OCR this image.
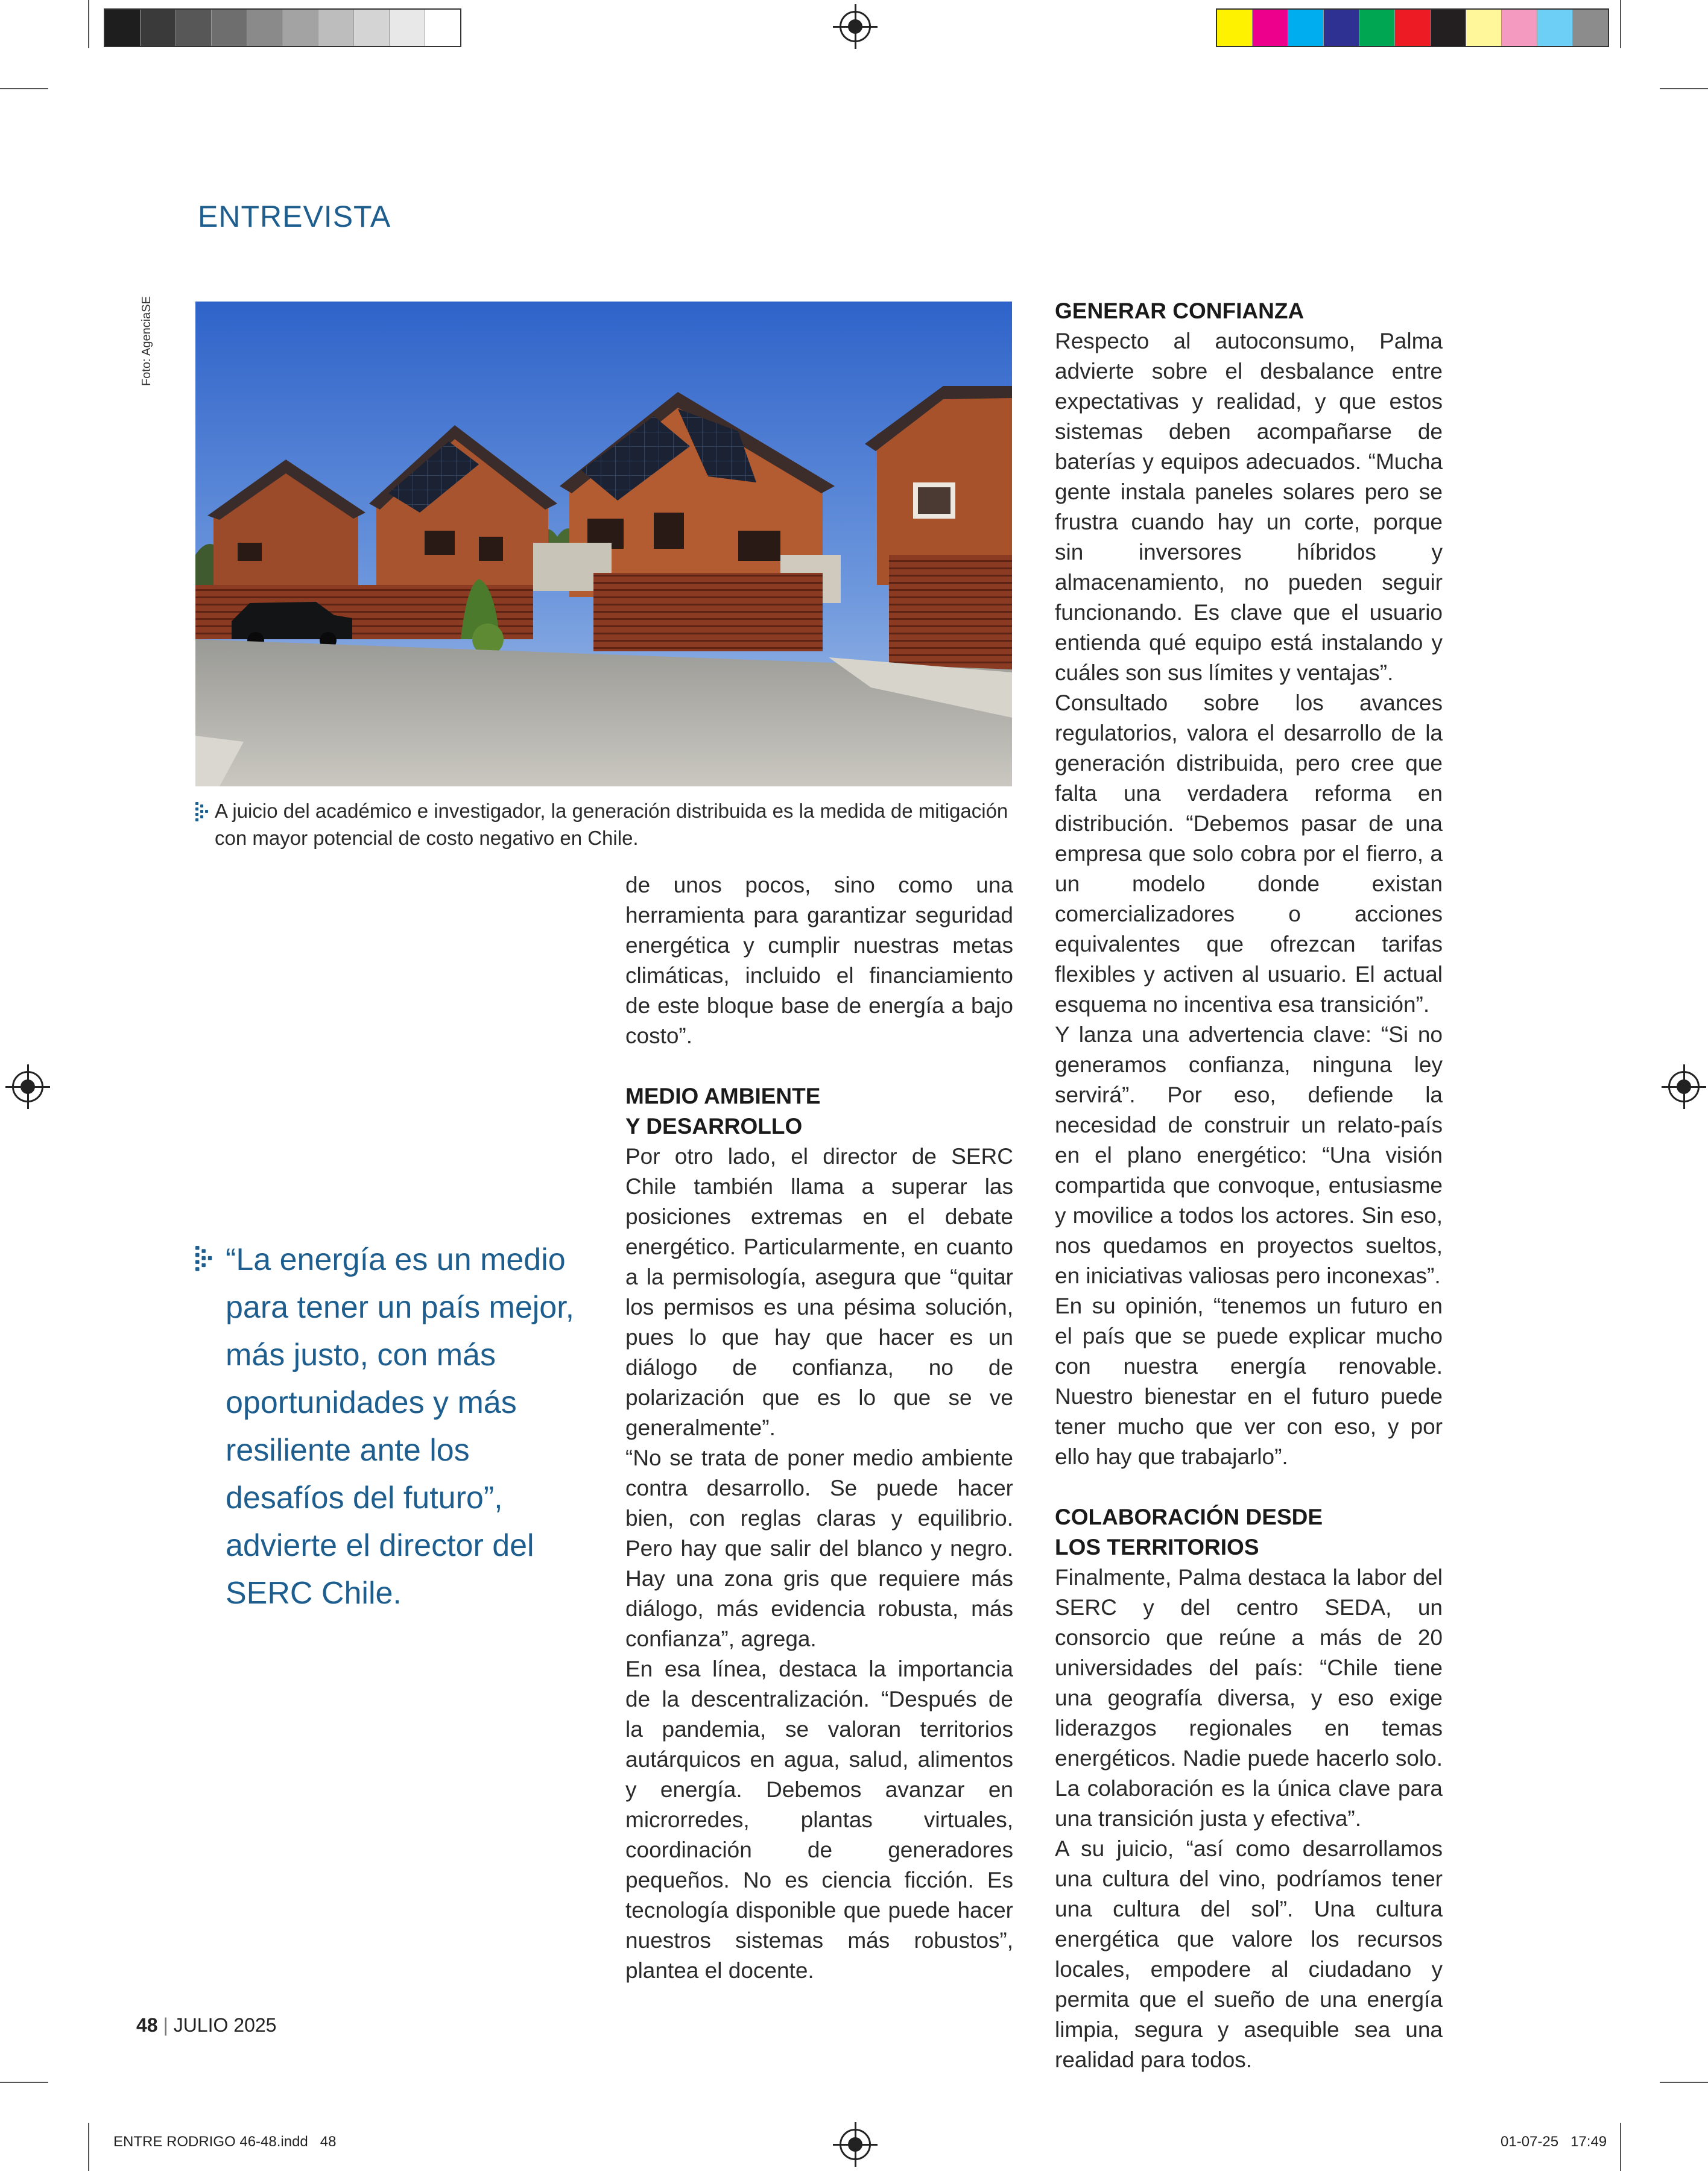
ENTREVISTA
Foto: AgenciaSE
A juicio del académico e investigador, la generación distribuida es la medida de mitigación con mayor potencial de costo negativo en Chile.
“La energía es un medio para tener un país mejor, más justo, con más oportunidades y más resiliente ante los desafíos del futuro”, advierte el director del SERC Chile.

de unos pocos, sino como una herramienta para garantizar seguridad energética y cumplir nuestras metas climáticas, incluido el financiamiento de este bloque base de energía a bajo costo”.

MEDIO AMBIENTE
Y DESARROLLO

Por otro lado, el director de SERC Chile también llama a superar las posiciones extremas en el debate energético. Particularmente, en cuanto a la permisología, asegura que “quitar los permisos es una pésima solución, pues lo que hay que hacer es un diálogo de confianza, no de polarización que es lo que se ve generalmente”.

“No se trata de poner medio ambiente contra desarrollo. Se puede hacer bien, con reglas claras y equilibrio. Pero hay que salir del blanco y negro. Hay una zona gris que requiere más diálogo, más evidencia robusta, más confianza”, agrega.

En esa línea, destaca la importancia de la descentralización. “Después de la pandemia, se valoran territorios autárquicos en agua, salud, alimentos y energía. Debemos avanzar en microrredes, plantas virtuales, coordinación de generadores pequeños. No es ciencia ficción. Es tecnología disponible que puede hacer nuestros sistemas más robustos”, plantea el docente.

GENERAR CONFIANZA

Respecto al autoconsumo, Palma advierte sobre el desbalance entre expectativas y realidad, y que estos sistemas deben acompañarse de baterías y equipos adecuados. “Mucha gente instala paneles solares pero se frustra cuando hay un corte, porque sin inversores híbridos y almacenamiento, no pueden seguir funcionando. Es clave que el usuario entienda qué equipo está instalando y cuáles son sus límites y ventajas”.

Consultado sobre los avances regulatorios, valora el desarrollo de la generación distribuida, pero cree que falta una verdadera reforma en distribución. “Debemos pasar de una empresa que solo cobra por el fierro, a un modelo donde existan comercializadores o acciones equivalentes que ofrezcan tarifas flexibles y activen al usuario. El actual esquema no incentiva esa transición”.

Y lanza una advertencia clave: “Si no generamos confianza, ninguna ley servirá”. Por eso, defiende la necesidad de construir un relato-país en el plano energético: “Una visión compartida que convoque, entusiasme y movilice a todos los actores. Sin eso, nos quedamos en proyectos sueltos, en iniciativas valiosas pero inconexas”.

En su opinión, “tenemos un futuro en el país que se puede explicar mucho con nuestra energía renovable. Nuestro bienestar en el futuro puede tener mucho que ver con eso, y por ello hay que trabajarlo”.

COLABORACIÓN DESDE
LOS TERRITORIOS

Finalmente, Palma destaca la labor del SERC y del centro SEDA, un consorcio que reúne a más de 20 universidades del país: “Chile tiene una geografía diversa, y eso exige liderazgos regionales en temas energéticos. Nadie puede hacerlo solo. La colaboración es la única clave para una transición justa y efectiva”.

A su juicio, “así como desarrollamos una cultura del vino, podríamos tener una cultura del sol”. Una cultura energética que valore los recursos locales, empodere al ciudadano y permita que el sueño de una energía limpia, segura y asequible sea una realidad para todos.

48 | JULIO 2025
ENTRE RODRIGO 46-48.indd   48	01-07-25   17:49
